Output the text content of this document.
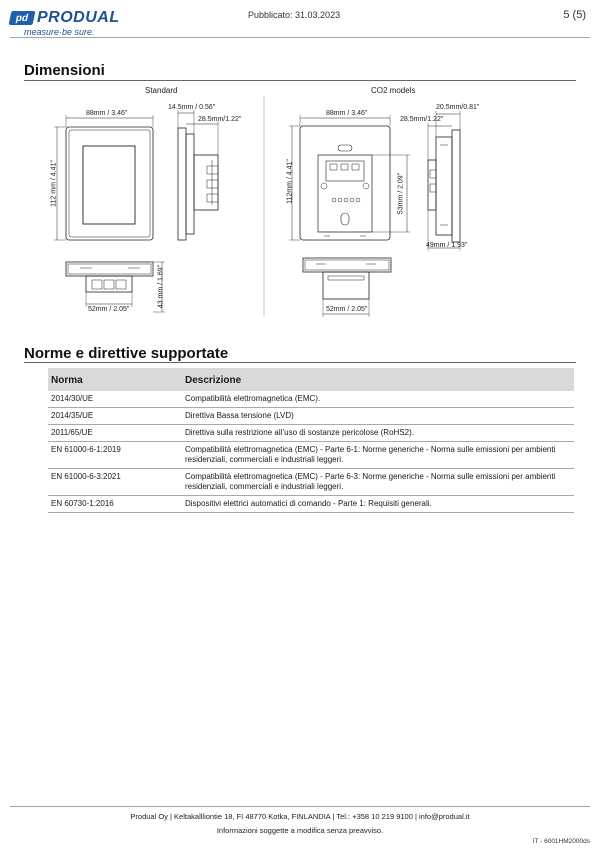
pd PRODUAL
measure·be sure.
Pubblicato: 31.03.2023	5 (5)
Dimensioni
Standard	CO2 models
88mm / 3.46"
14.5mm / 0.56"
28.5mm/1.22"
112 mm / 4.41"
43 mm / 1.69"
52mm / 2.05"
88mm / 3.46"
20.5mm/0.81"
28.5mm/1.22"
112mm / 4.41"	53mm / 2.09"
49mm / 1.93"
52mm / 2.05"
Norme e direttive supportate
Norma	Descrizione
2014/30/UE	Compatibilità elettromagnetica (EMC).
2014/35/UE	Direttiva Bassa tensione (LVD)
2011/65/UE	Direttiva sulla restrizione all’uso di sostanze pericolose (RoHS2).
EN 61000-6-1:2019	Compatibilità elettromagnetica (EMC) - Parte 6-1: Norme generiche - Norma sulle emissioni per ambienti residenziali, commerciali e industriali leggeri.
EN 61000-6-3:2021	Compatibilità elettromagnetica (EMC) - Parte 6-3: Norme generiche - Norma sulle emissioni per ambienti residenziali, commerciali e industriali leggeri.
EN 60730-1:2016	Dispositivi elettrici automatici di comando - Parte 1: Requisiti generali.
Produal Oy | Keltakallliontie 18, FI 48770 Kotka, FINLANDIA | Tel.: +358 10 219 9100 | info@produal.it
Informazioni soggette a modifica senza preavviso.
IT - 6001HM2000ds
